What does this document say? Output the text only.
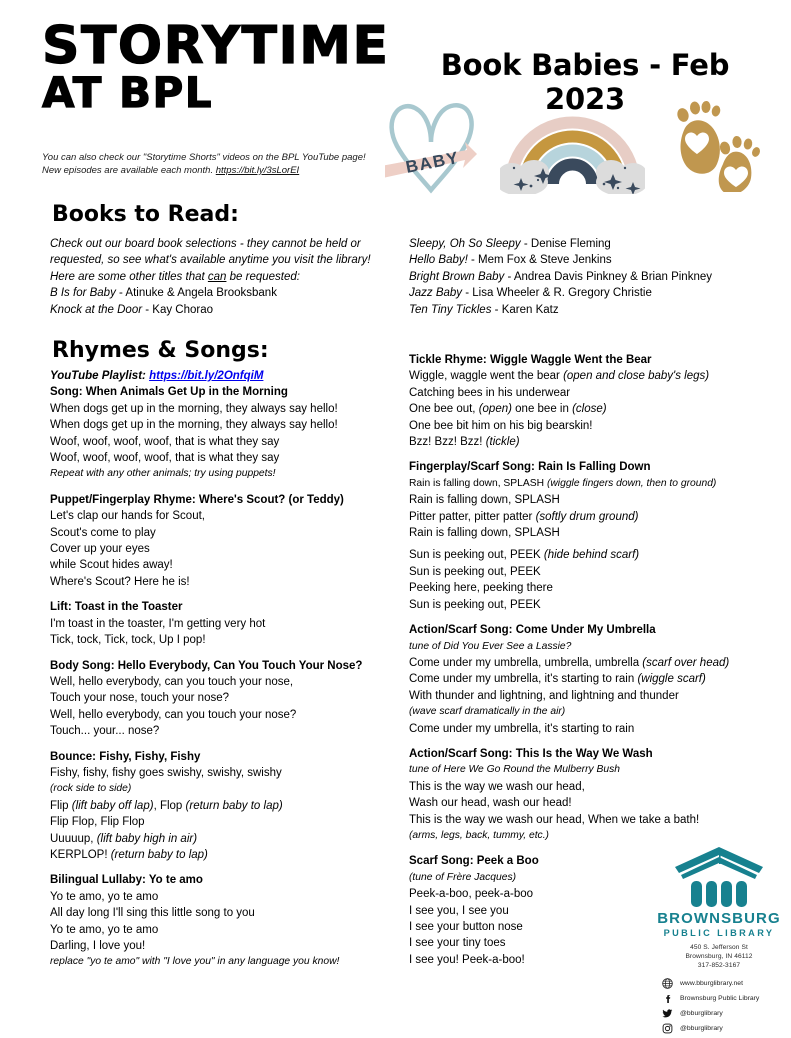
STORYTIME
AT BPL
You can also check our "Storytime Shorts" videos on the BPL YouTube page! New episodes are available each month. https://bit.ly/3sLorEI
Book Babies - Feb 2023
BABY
Books to Read:
Rhymes & Songs:
Check out our board book selections - they cannot be held or
requested, so see what's available anytime you visit the library!
Here are some other titles that can be requested:
B Is for Baby - Atinuke & Angela Brooksbank
Knock at the Door - Kay Chorao
Sleepy, Oh So Sleepy - Denise Fleming
Hello Baby! - Mem Fox & Steve Jenkins
Bright Brown Baby - Andrea Davis Pinkney & Brian Pinkney
Jazz Baby - Lisa Wheeler & R. Gregory Christie
Ten Tiny Tickles - Karen Katz
YouTube Playlist: https://bit.ly/2OnfqiM
Song: When Animals Get Up in the Morning
When dogs get up in the morning, they always say hello!
When dogs get up in the morning, they always say hello!
Woof, woof, woof, woof, that is what they say
Woof, woof, woof, woof, that is what they say
Repeat with any other animals; try using puppets!
Puppet/Fingerplay Rhyme: Where's Scout? (or Teddy)
Let's clap our hands for Scout,
Scout's come to play
Cover up your eyes
while Scout hides away!
Where's Scout? Here he is!
Lift: Toast in the Toaster
I'm toast in the toaster, I'm getting very hot
Tick, tock, Tick, tock, Up I pop!
Body Song: Hello Everybody, Can You Touch Your Nose?
Well, hello everybody, can you touch your nose,
Touch your nose, touch your nose?
Well, hello everybody, can you touch your nose?
Touch... your... nose?
Bounce: Fishy, Fishy, Fishy
Fishy, fishy, fishy goes swishy, swishy, swishy
(rock side to side)
Flip (lift baby off lap), Flop (return baby to lap)
Flip Flop, Flip Flop
Uuuuup, (lift baby high in air)
KERPLOP! (return baby to lap)
Bilingual Lullaby: Yo te amo
Yo te amo, yo te amo
All day long I'll sing this little song to you
Yo te amo, yo te amo
Darling, I love you!
replace "yo te amo" with "I love you" in any language you know!
Tickle Rhyme: Wiggle Waggle Went the Bear
Wiggle, waggle went the bear (open and close baby's legs)
Catching bees in his underwear
One bee out, (open) one bee in (close)
One bee bit him on his big bearskin!
Bzz! Bzz! Bzz! (tickle)
Fingerplay/Scarf Song: Rain Is Falling Down
Rain is falling down, SPLASH (wiggle fingers down, then to ground)
Rain is falling down, SPLASH
Pitter patter, pitter patter (softly drum ground)
Rain is falling down, SPLASH
Sun is peeking out, PEEK (hide behind scarf)
Sun is peeking out, PEEK
Peeking here, peeking there
Sun is peeking out, PEEK
Action/Scarf Song: Come Under My Umbrella
tune of Did You Ever See a Lassie?
Come under my umbrella, umbrella, umbrella (scarf over head)
Come under my umbrella, it's starting to rain (wiggle scarf)
With thunder and lightning, and lightning and thunder
(wave scarf dramatically in the air)
Come under my umbrella, it's starting to rain
Action/Scarf Song: This Is the Way We Wash
tune of Here We Go Round the Mulberry Bush
This is the way we wash our head,
Wash our head, wash our head!
This is the way we wash our head, When we take a bath!
(arms, legs, back, tummy, etc.)
Scarf Song: Peek a Boo
(tune of Frère Jacques)
Peek-a-boo, peek-a-boo
I see you, I see you
I see your button nose
I see your tiny toes
I see you! Peek-a-boo!
BROWNSBURG
PUBLIC LIBRARY
450 S. Jefferson St
Brownsburg, IN 46112
317-852-3167
www.bburglibrary.net
Brownsburg Public Library
@bburglibrary
@bburglibrary
